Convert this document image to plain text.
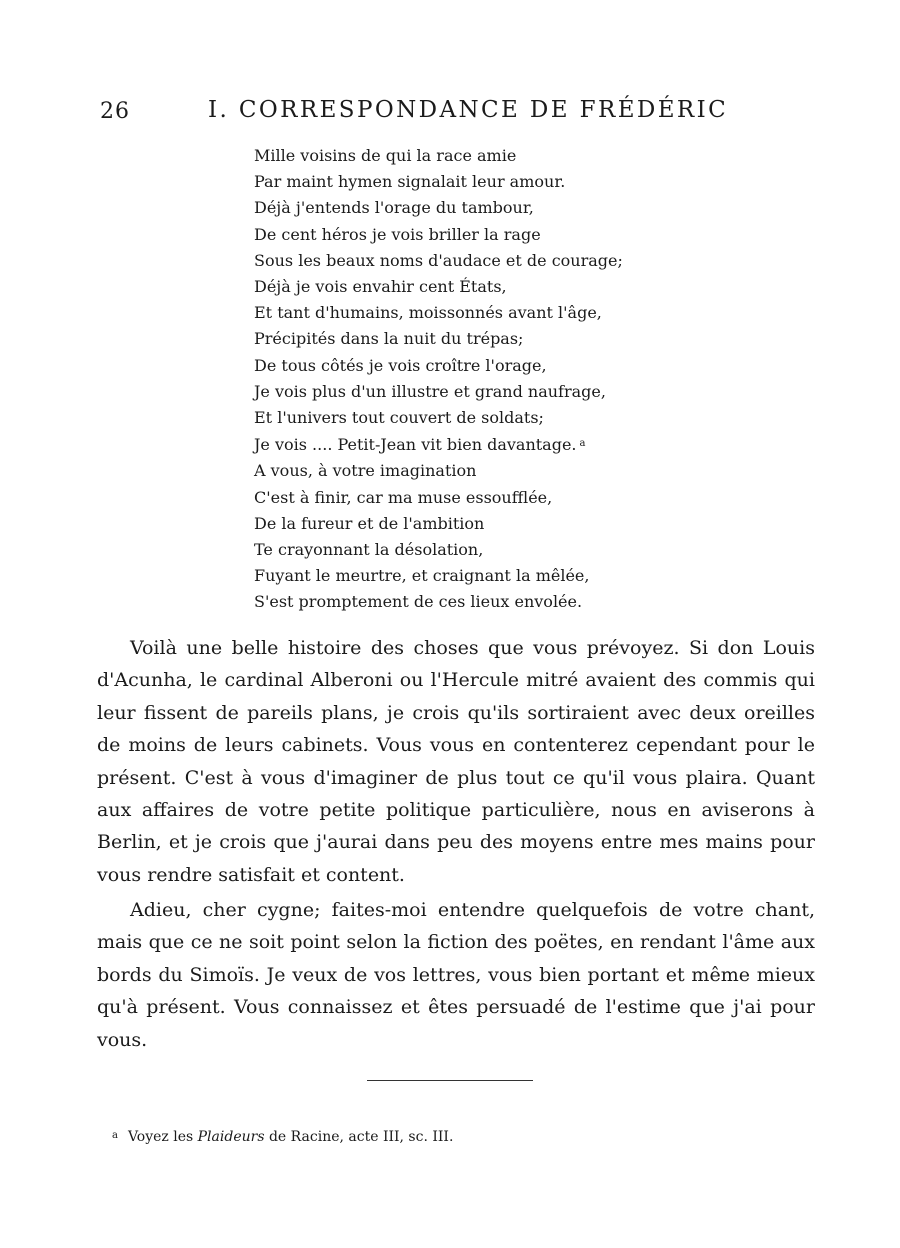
26	I. CORRESPONDANCE DE FRÉDÉRIC
Mille voisins de qui la race amie
Par maint hymen signalait leur amour.
Déjà j'entends l'orage du tambour,
De cent héros je vois briller la rage
Sous les beaux noms d'audace et de courage;
Déjà je vois envahir cent États,
Et tant d'humains, moissonnés avant l'âge,
Précipités dans la nuit du trépas;
De tous côtés je vois croître l'orage,
Je vois plus d'un illustre et grand naufrage,
Et l'univers tout couvert de soldats;
Je vois .... Petit-Jean vit bien davantage. $^a$
A vous, à votre imagination
C'est à finir, car ma muse essoufflée,
De la fureur et de l'ambition
Te crayonnant la désolation,
Fuyant le meurtre, et craignant la mêlée,
S'est promptement de ces lieux envolée.

Voilà une belle histoire des choses que vous prévoyez. Si don Louis d'Acunha, le cardinal Alberoni ou l'Hercule mitré avaient des commis qui leur fissent de pareils plans, je crois qu'ils sortiraient avec deux oreilles de moins de leurs cabinets. Vous vous en contenterez cependant pour le présent. C'est à vous d'imaginer de plus tout ce qu'il vous plaira. Quant aux affaires de votre petite politique particulière, nous en aviserons à Berlin, et je crois que j'aurai dans peu des moyens entre mes mains pour vous rendre satisfait et content.

Adieu, cher cygne; faites-moi entendre quelquefois de votre chant, mais que ce ne soit point selon la fiction des poëtes, en rendant l'âme aux bords du Simoïs. Je veux de vos lettres, vous bien portant et même mieux qu'à présent. Vous connaissez et êtes persuadé de l'estime que j'ai pour vous.

$^a$ Voyez les Plaideurs de Racine, acte III, sc. III.
